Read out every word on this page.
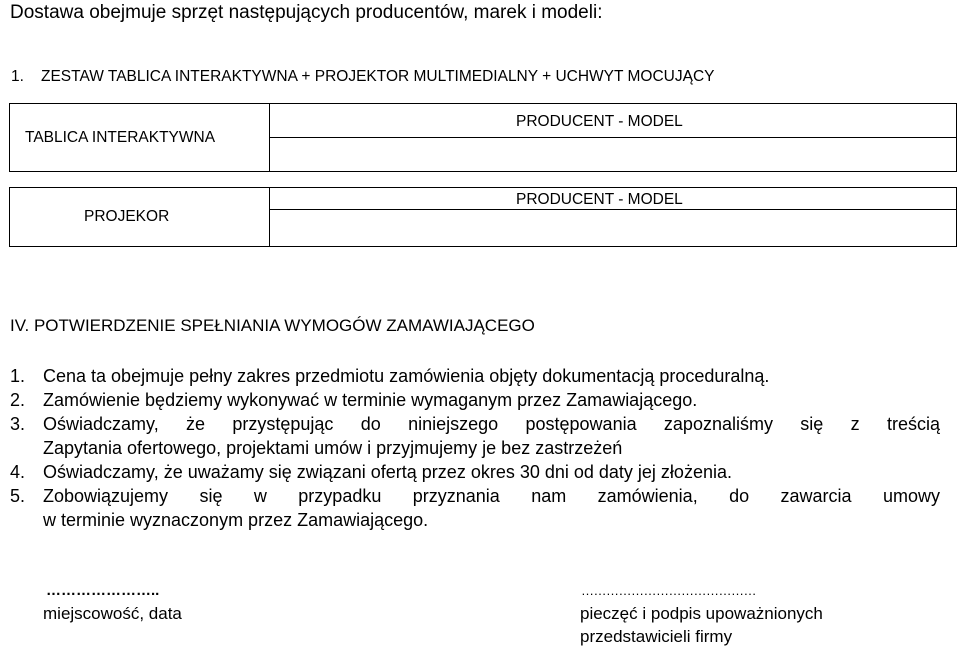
Dostawa obejmuje sprzęt następujących producentów, marek i modeli:
1. ZESTAW TABLICA INTERAKTYWNA + PROJEKTOR MULTIMEDIALNY + UCHWYT MOCUJĄCY
TABLICA INTERAKTYWNA
PRODUCENT - MODEL
PROJEKOR
PRODUCENT - MODEL
IV. POTWIERDZENIE SPEŁNIANIA WYMOGÓW ZAMAWIAJĄCEGO
1. Cena ta obejmuje pełny zakres przedmiotu zamówienia objęty dokumentacją proceduralną.
2. Zamówienie będziemy wykonywać w terminie wymaganym przez Zamawiającego.
3. Oświadczamy, że przystępując do niniejszego postępowania zapoznaliśmy się z treścią
Zapytania ofertowego, projektami umów i przyjmujemy je bez zastrzeżeń
4. Oświadczamy, że uważamy się związani ofertą przez okres 30 dni od daty jej złożenia.
5. Zobowiązujemy się w przypadku przyznania nam zamówienia, do zawarcia umowy
w terminie wyznaczonym przez Zamawiającego.
…………………..
miejscowość, data
……………………………………
pieczęć i podpis upoważnionych
przedstawicieli firmy
